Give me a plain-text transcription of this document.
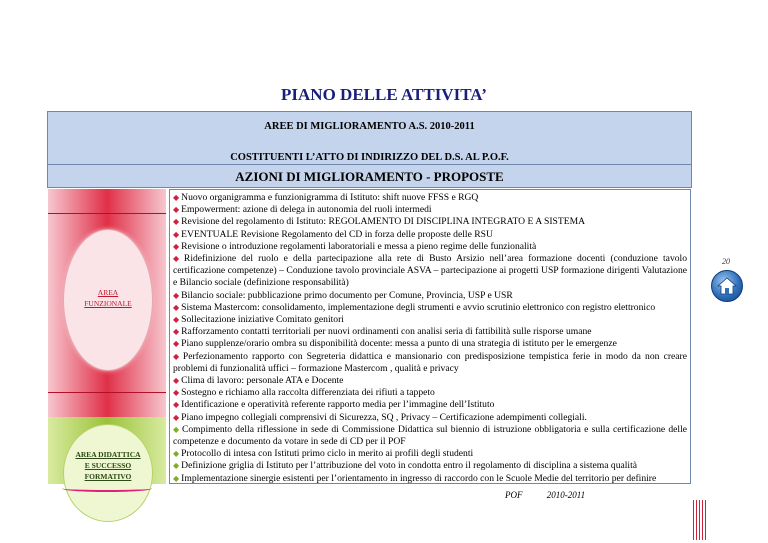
PIANO DELLE ATTIVITA’
AREE DI MIGLIORAMENTO A.S. 2010-2011
COSTITUENTI L’ATTO DI INDIRIZZO DEL D.S. AL P.O.F.
AZIONI DI MIGLIORAMENTO - PROPOSTE
AREA
FUNZIONALE
AREA DIDATTICA
E SUCCESSO
FORMATIVO

◆ Nuovo organigramma e funzionigramma di Istituto: shift nuove FFSS e RGQ

◆ Empowerment: azione di delega in autonomia del ruoli intermedi

◆ Revisione del regolamento di Istituto: REGOLAMENTO DI DISCIPLINA INTEGRATO E A SISTEMA

◆ EVENTUALE Revisione Regolamento del CD in forza delle proposte delle RSU

◆ Revisione o introduzione regolamenti laboratoriali e messa a pieno regime delle funzionalità

◆ Ridefinizione del ruolo e della partecipazione alla rete di Busto Arsizio nell’area formazione docenti (conduzione tavolo certificazione competenze) – Conduzione tavolo provinciale ASVA – partecipazione ai progetti USP formazione dirigenti Valutazione e Bilancio sociale (definizione responsabilità)

◆ Bilancio sociale: pubblicazione primo documento per Comune, Provincia, USP e USR

◆ Sistema Mastercom: consolidamento, implementazione degli strumenti e avvio scrutinio elettronico con registro elettronico

◆ Sollecitazione iniziative Comitato genitori

◆ Rafforzamento contatti territoriali per nuovi ordinamenti con analisi seria di fattibilità sulle risporse umane

◆ Piano supplenze/orario ombra su disponibilità docente: messa a punto di una strategia di istituto per le emergenze

◆ Perfezionamento rapporto con Segreteria didattica e mansionario con predisposizione tempistica ferie in modo da non creare problemi di funzionalità uffici – formazione Mastercom , qualità e privacy

◆ Clima di lavoro: personale ATA e Docente

◆ Sostegno e richiamo alla raccolta differenziata dei rifiuti a tappeto

◆ Identificazione e operatività referente rapporto media per l’immagine dell’Istituto

◆ Piano impegno collegiali comprensivi di Sicurezza, SQ , Privacy – Certificazione adempimenti collegiali.

◆ Compimento della riflessione in sede di Commissione Didattica sul biennio di istruzione obbligatoria e sulla certificazione delle competenze e documento da votare in sede di CD per il POF

◆ Protocollo di intesa con Istituti primo ciclo in merito ai profili degli studenti

◆ Definizione griglia di Istituto per l’attribuzione del voto in condotta entro il regolamento di disciplina a sistema qualità

◆ Implementazione sinergie esistenti per l’orientamento in ingresso di raccordo con le Scuole Medie del territorio per definire

20
POF	2010-2011
